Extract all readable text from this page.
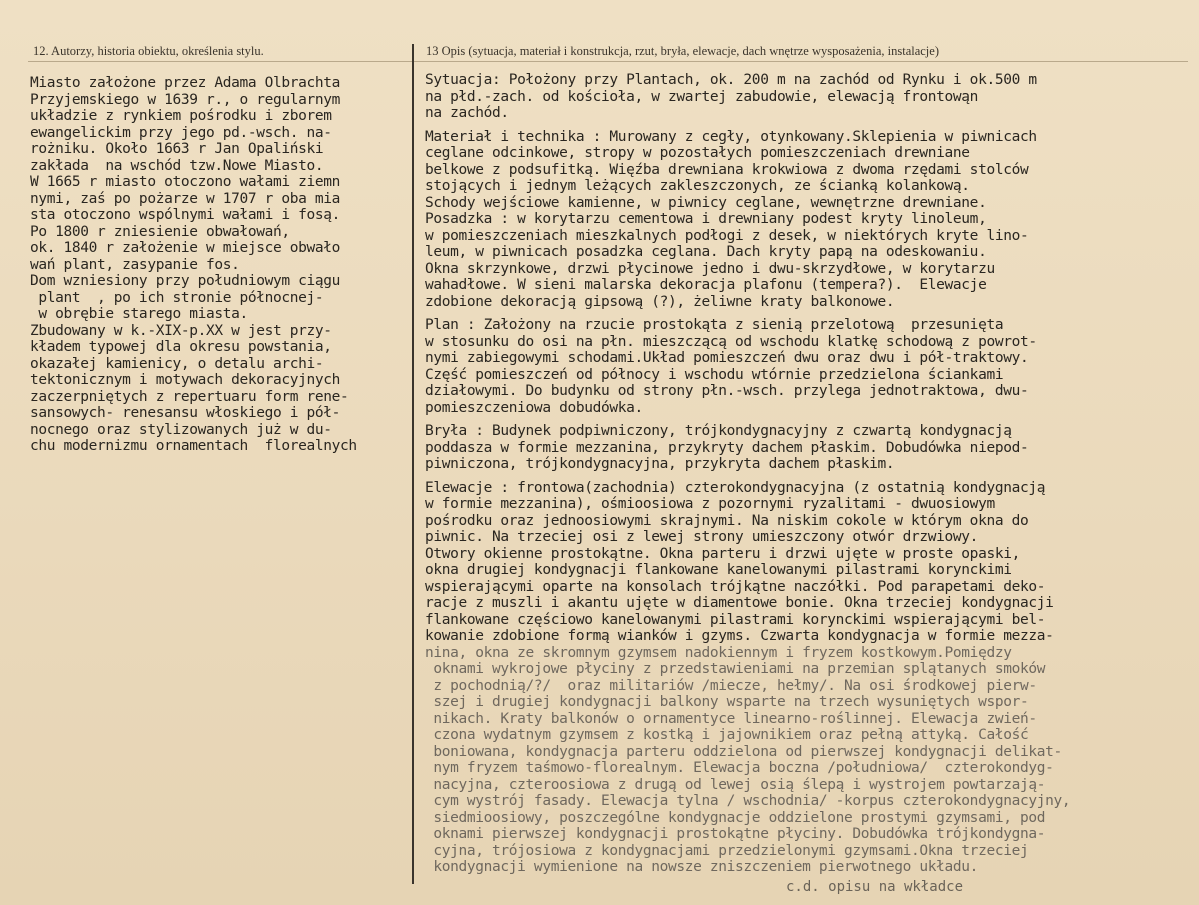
12. Autorzy, historia obiektu, określenia stylu.	13 Opis (sytuacja, materiał i konstrukcja, rzut, bryła, elewacje, dach wnętrze wysposażenia, instalacje)
Miasto założone przez Adama Olbrachta
Przyjemskiego w 1639 r., o regularnym
układzie z rynkiem pośrodku i zborem
ewangelickim przy jego pd.-wsch. na-
rożniku. Około 1663 r Jan Opaliński
zakłada  na wschód tzw.Nowe Miasto.
W 1665 r miasto otoczono wałami ziemn
nymi, zaś po pożarze w 1707 r oba mia
sta otoczono wspólnymi wałami i fosą.
Po 1800 r zniesienie obwałowań,
ok. 1840 r założenie w miejsce obwało
wań plant, zasypanie fos.
Dom wzniesiony przy południowym ciągu
plant  , po ich stronie północnej-
w obrębie starego miasta.
Zbudowany w k.-XIX-p.XX w jest przy-
kładem typowej dla okresu powstania,
okazałej kamienicy, o detalu archi-
tektonicznym i motywach dekoracyjnych
zaczerpniętych z repertuaru form rene-
sansowych- renesansu włoskiego i pół-
nocnego oraz stylizowanych już w du-
chu modernizmu ornamentach  florealnych
Sytuacja: Położony przy Plantach, ok. 200 m na zachód od Rynku i ok.500 m
na płd.-zach. od kościoła, w zwartej zabudowie, elewacją frontowąn
na zachód.
Materiał i technika : Murowany z cegły, otynkowany.Sklepienia w piwnicach
ceglane odcinkowe, stropy w pozostałych pomieszczeniach drewniane
belkowe z podsufitką. Więźba drewniana krokwiowa z dwoma rzędami stolców
stojących i jednym leżących zakleszczonych, ze ścianką kolankową.
Schody wejściowe kamienne, w piwnicy ceglane, wewnętrzne drewniane.
Posadzka : w korytarzu cementowa i drewniany podest kryty linoleum,
w pomieszczeniach mieszkalnych podłogi z desek, w niektórych kryte lino-
leum, w piwnicach posadzka ceglana. Dach kryty papą na odeskowaniu.
Okna skrzynkowe, drzwi płycinowe jedno i dwu-skrzydłowe, w korytarzu
wahadłowe. W sieni malarska dekoracja plafonu (tempera?).  Elewacje
zdobione dekoracją gipsową (?), żeliwne kraty balkonowe.
Plan : Założony na rzucie prostokąta z sienią przelotową  przesunięta
w stosunku do osi na płn. mieszczącą od wschodu klatkę schodową z powrot-
nymi zabiegowymi schodami.Układ pomieszczeń dwu oraz dwu i pół-traktowy.
Część pomieszczeń od północy i wschodu wtórnie przedzielona ściankami
działowymi. Do budynku od strony płn.-wsch. przylega jednotraktowa, dwu-
pomieszczeniowa dobudówka.
Bryła : Budynek podpiwniczony, trójkondygnacyjny z czwartą kondygnacją
poddasza w formie mezzanina, przykryty dachem płaskim. Dobudówka niepod-
piwniczona, trójkondygnacyjna, przykryta dachem płaskim.
Elewacje : frontowa(zachodnia) czterokondygnacyjna (z ostatnią kondygnacją
w formie mezzanina), ośmioosiowa z pozornymi ryzalitami - dwuosiowym
pośrodku oraz jednoosiowymi skrajnymi. Na niskim cokole w którym okna do
piwnic. Na trzeciej osi z lewej strony umieszczony otwór drzwiowy.
Otwory okienne prostokątne. Okna parteru i drzwi ujęte w proste opaski,
okna drugiej kondygnacji flankowane kanelowanymi pilastrami korynckimi
wspierającymi oparte na konsolach trójkątne naczółki. Pod parapetami deko-
racje z muszli i akantu ujęte w diamentowe bonie. Okna trzeciej kondygnacji
flankowane częściowo kanelowanymi pilastrami korynckimi wspierającymi bel-
kowanie zdobione formą wianków i gzyms. Czwarta kondygnacja w formie mezza-
nina, okna ze skromnym gzymsem nadokiennym i fryzem kostkowym.Pomiędzy
oknami wykrojowe płyciny z przedstawieniami na przemian splątanych smoków
z pochodnią/?/  oraz militariów /miecze, hełmy/. Na osi środkowej pierw-
szej i drugiej kondygnacji balkony wsparte na trzech wysuniętych wspor-
nikach. Kraty balkonów o ornamentyce linearno-roślinnej. Elewacja zwień-
czona wydatnym gzymsem z kostką i jajownikiem oraz pełną attyką. Całość
boniowana, kondygnacja parteru oddzielona od pierwszej kondygnacji delikat-
nym fryzem taśmowo-florealnym. Elewacja boczna /południowa/  czterokondyg-
nacyjna, czteroosiowa z drugą od lewej osią ślepą i wystrojem powtarzają-
cym wystrój fasady. Elewacja tylna / wschodnia/ -korpus czterokondygnacyjny,
siedmioosiowy, poszczególne kondygnacje oddzielone prostymi gzymsami, pod
oknami pierwszej kondygnacji prostokątne płyciny. Dobudówka trójkondygna-
cyjna, trójosiowa z kondygnacjami przedzielonymi gzymsami.Okna trzeciej
kondygnacji wymienione na nowsze zniszczeniem pierwotnego układu.
c.d. opisu na wkładce
